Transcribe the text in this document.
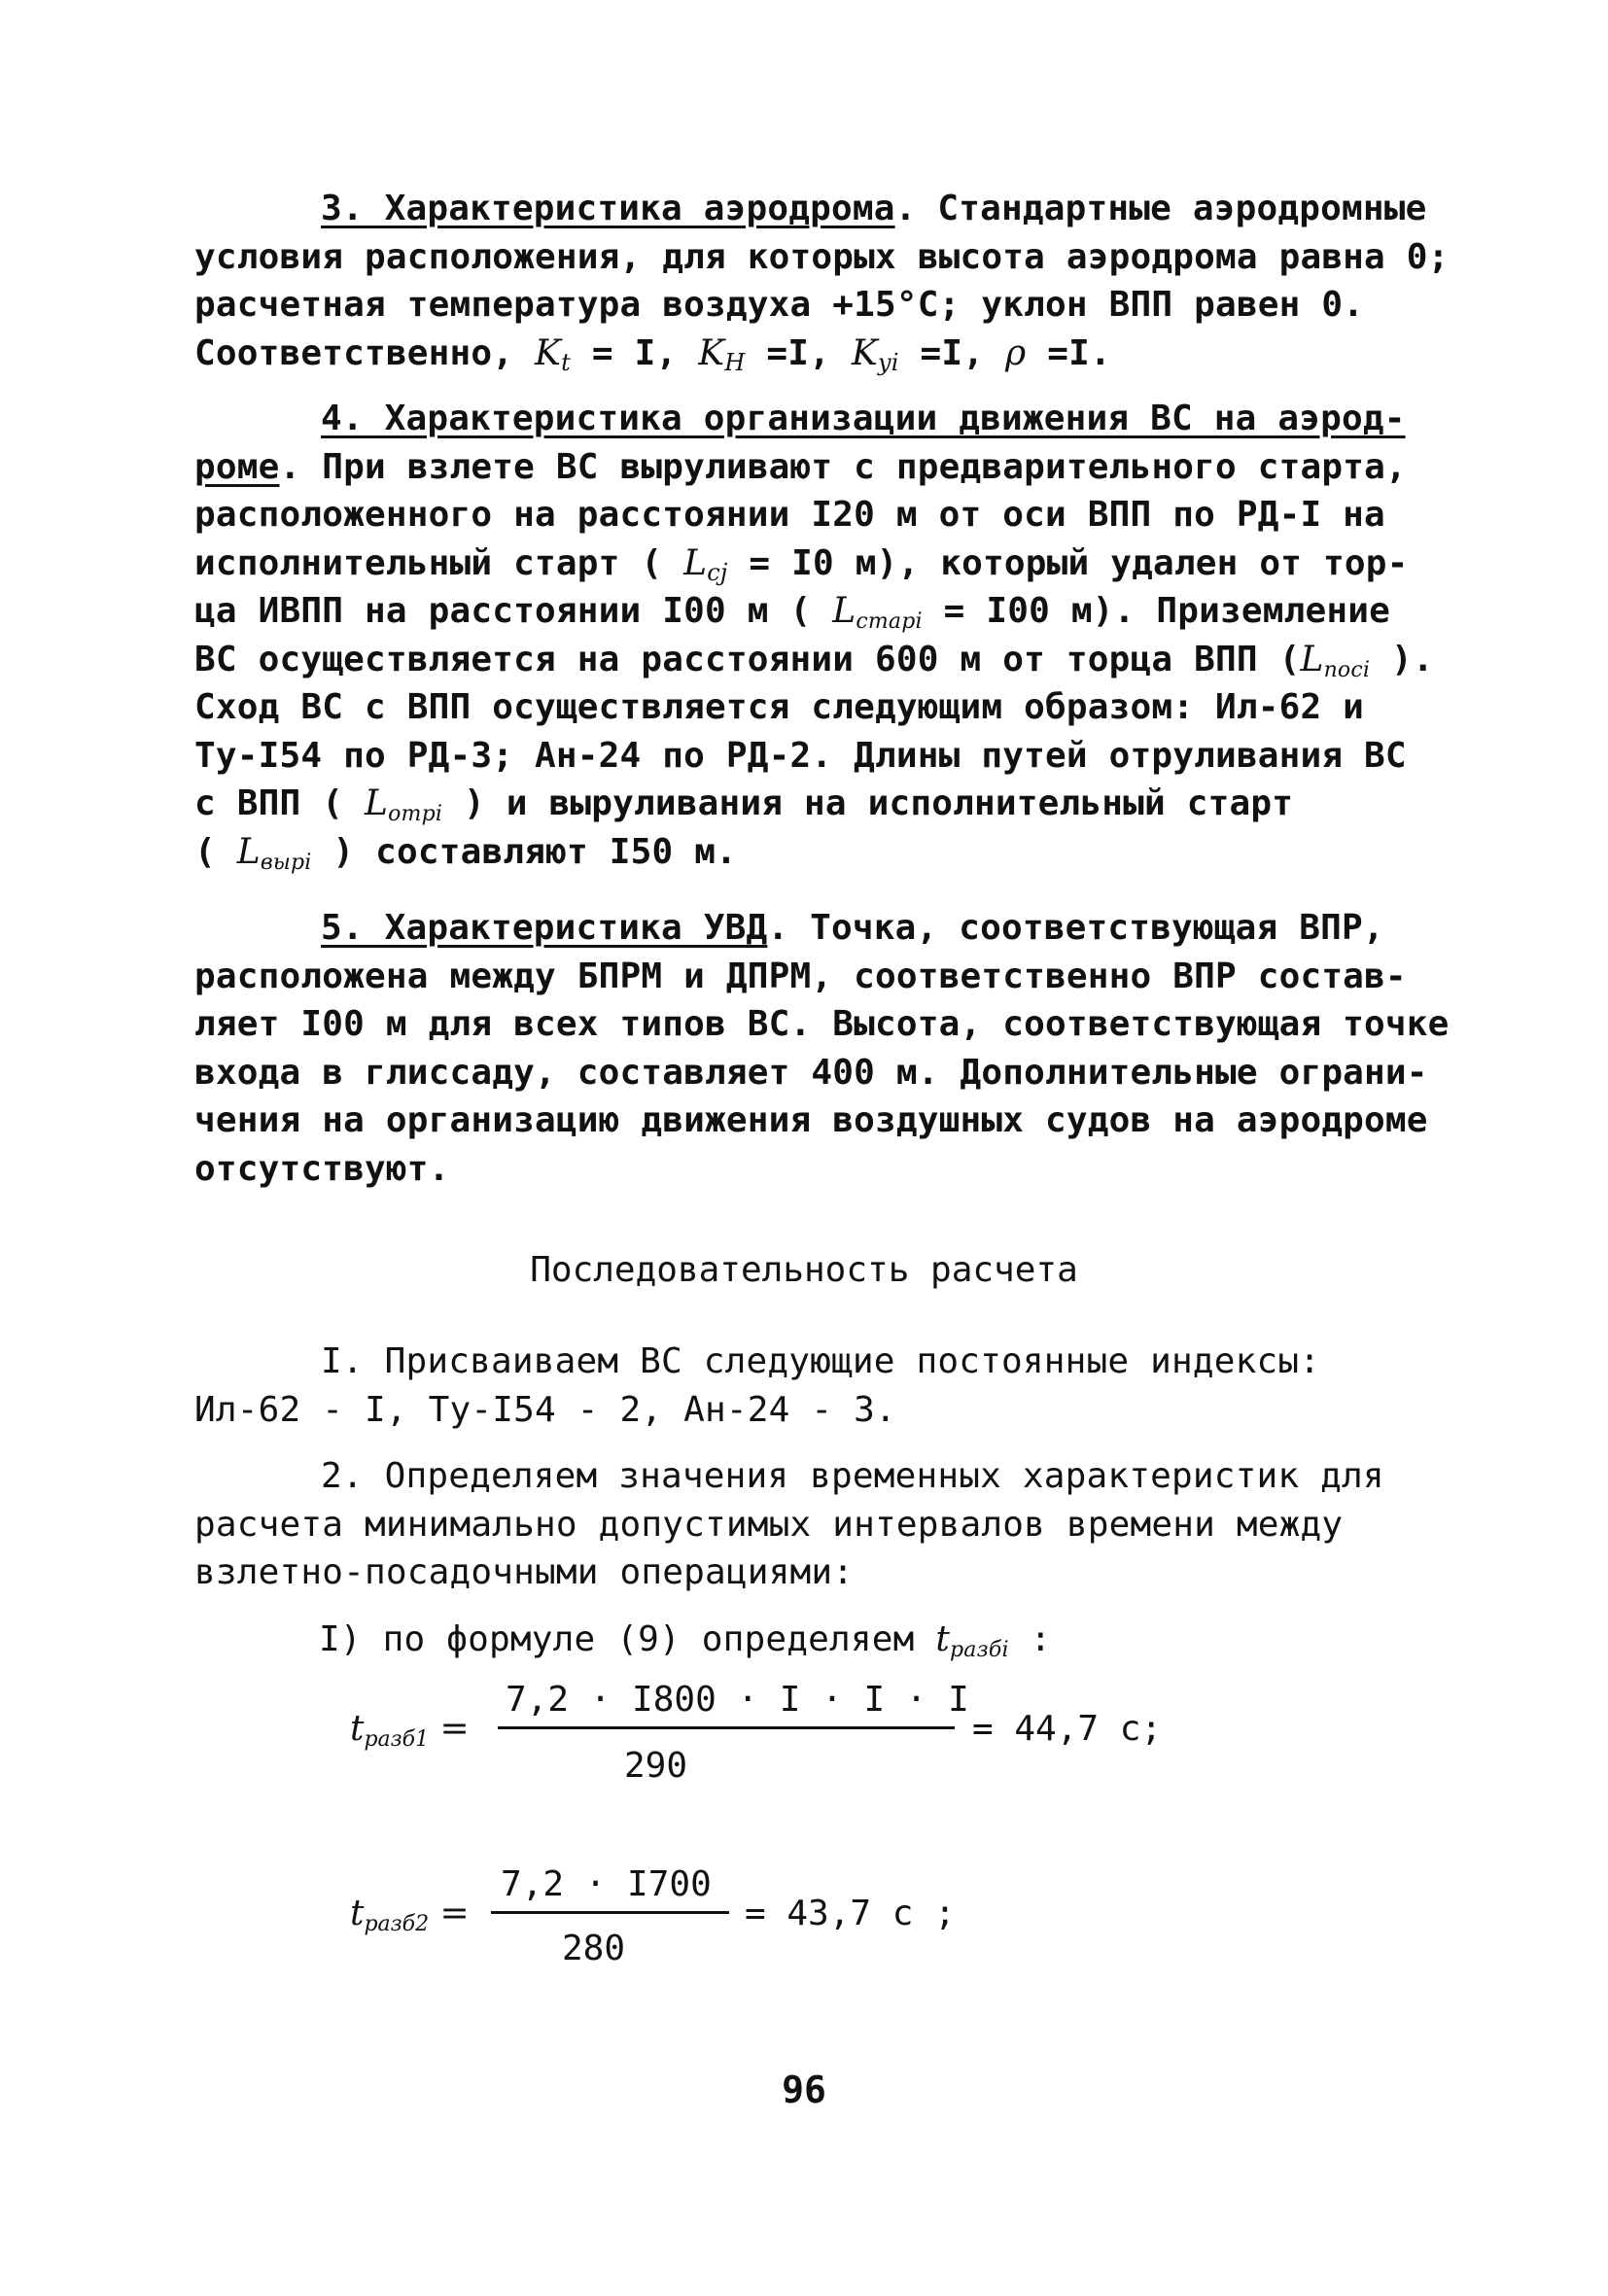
3. Характеристика аэродрома. Стандартные аэродромные
условия расположения, для которых высота аэродрома равна 0;
расчетная температура воздуха +15°С; уклон ВПП равен 0.
Соответственно, $K_t = I$, $K_H =I$, $K_{yi} =I$, ρ =I.
4. Характеристика организации движения ВС на аэрод-
роме. При взлете ВС выруливают с предварительного старта,
расположенного на расстоянии I20 м от оси ВПП по РД-I на
исполнительный старт ( $L_{cj} = I0$ м), который удален от тор-
ца ИВПП на расстоянии I00 м ( $L_{старi} = I00$ м). Приземление
ВС осуществляется на расстоянии 600 м от торца ВПП ($L_{посi}$ ).
Сход ВС с ВПП осуществляется следующим образом: Ил-62 и
Ту-I54 по РД-3; Ан-24 по РД-2. Длины путей отруливания ВС
с ВПП ( $L_{отрi}$ ) и выруливания на исполнительный старт
( $L_{вырi}$ ) составляют I50 м.
5. Характеристика УВД. Точка, соответствующая ВПР,
расположена между БПРМ и ДПРМ, соответственно ВПР состав-
ляет I00 м для всех типов ВС. Высота, соответствующая точке
входа в глиссаду, составляет 400 м. Дополнительные ограни-
чения на организацию движения воздушных судов на аэродроме
отсутствуют.
Последовательность расчета
I. Присваиваем ВС следующие постоянные индексы:
Ил-62 - I, Ту-I54 - 2, Ан-24 - 3.
2. Определяем значения временных характеристик для
расчета минимально допустимых интервалов времени между
взлетно-посадочными операциями:
I) по формуле (9) определяем $t_{разбi}$ :
$t_{разб1}$ =
7,2 · I800 · I · I · I
290
= 44,7 с;
$t_{разб2}$ =
7,2 · I700
280
= 43,7 с ;
96
